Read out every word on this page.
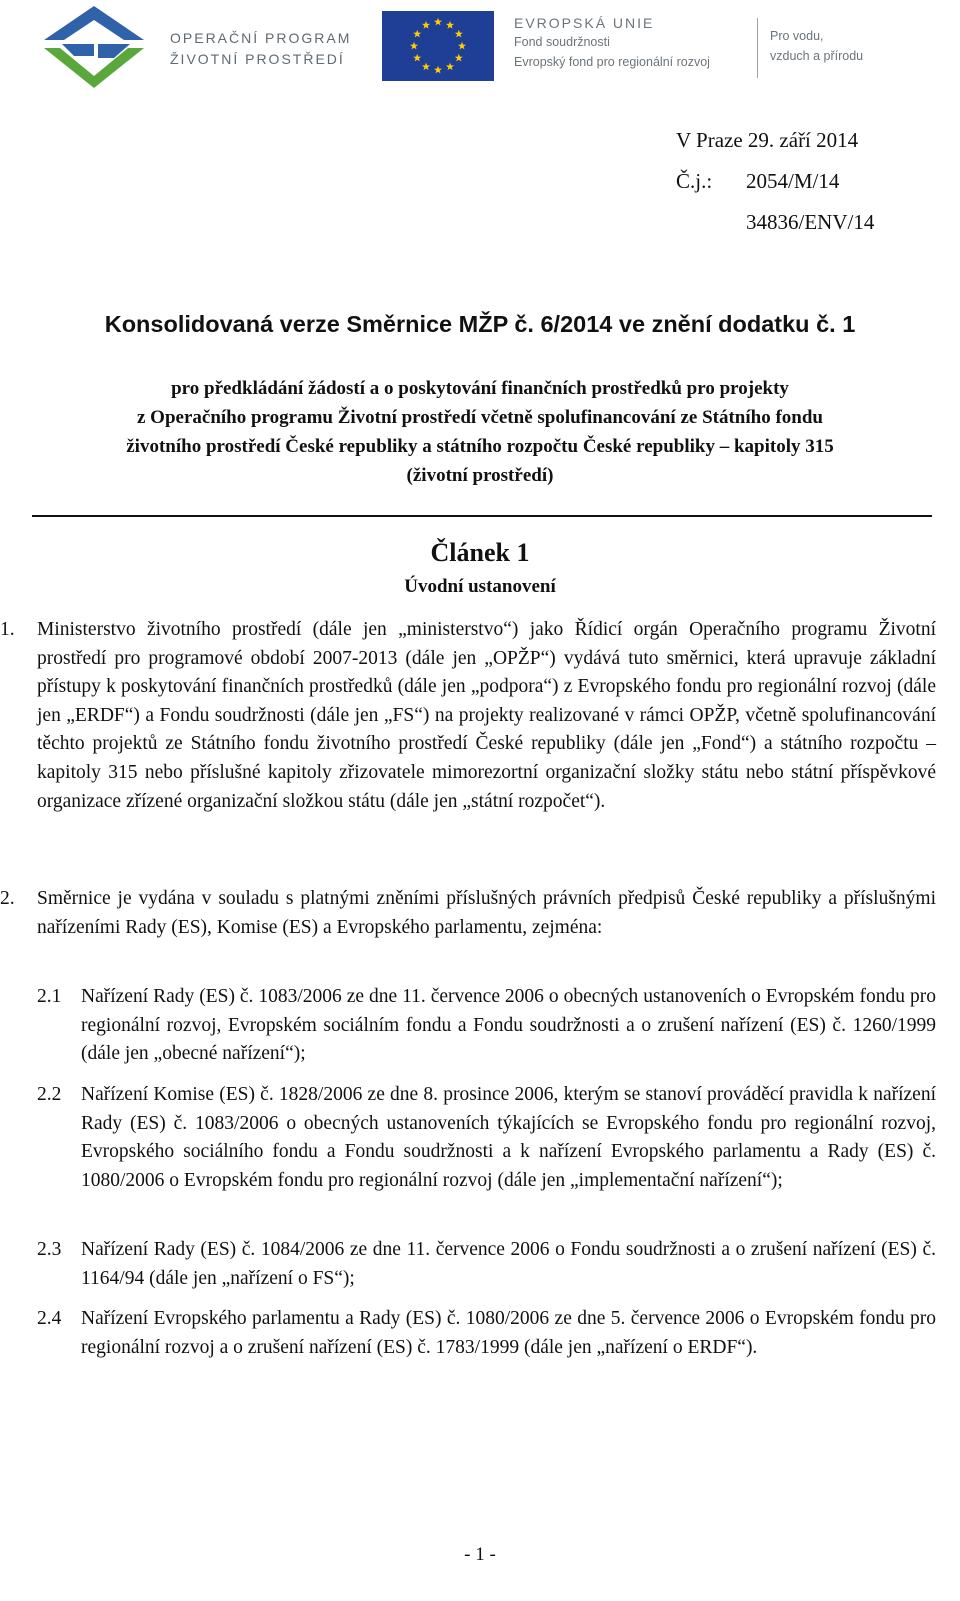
OPERAČNÍ PROGRAM
ŽIVOTNÍ PROSTŘEDÍ
EVROPSKÁ UNIE
Fond soudržnosti
Evropský fond pro regionální rozvoj
Pro vodu,
vzduch a přírodu
V Praze 29. září 2014
Č.j.: 2054/M/14
34836/ENV/14
Konsolidovaná verze Směrnice MŽP č. 6/2014 ve znění dodatku č. 1
pro předkládání žádostí a o poskytování finančních prostředků pro projekty
z Operačního programu Životní prostředí včetně spolufinancování ze Státního fondu
životního prostředí České republiky a státního rozpočtu České republiky – kapitoly 315
(životní prostředí)
Článek 1
Úvodní ustanovení
1. Ministerstvo životního prostředí (dále jen „ministerstvo“) jako Řídicí orgán Operačního programu Životní prostředí pro programové období 2007-2013 (dále jen „OPŽP“) vydává tuto směrnici, která upravuje základní přístupy k poskytování finančních prostředků (dále jen „podpora“) z Evropského fondu pro regionální rozvoj (dále jen „ERDF“) a Fondu soudržnosti (dále jen „FS“) na projekty realizované v rámci OPŽP, včetně spolufinancování těchto projektů ze Státního fondu životního prostředí České republiky (dále jen „Fond“) a státního rozpočtu – kapitoly 315 nebo příslušné kapitoly zřizovatele mimorezortní organizační složky státu nebo státní příspěvkové organizace zřízené organizační složkou státu (dále jen „státní rozpočet“).
2. Směrnice je vydána v souladu s platnými zněními příslušných právních předpisů České republiky a příslušnými nařízeními Rady (ES), Komise (ES) a Evropského parlamentu, zejména:
2.1 Nařízení Rady (ES) č. 1083/2006 ze dne 11. července 2006 o obecných ustanoveních o Evropském fondu pro regionální rozvoj, Evropském sociálním fondu a Fondu soudržnosti a o zrušení nařízení (ES) č. 1260/1999 (dále jen „obecné nařízení“);
2.2 Nařízení Komise (ES) č. 1828/2006 ze dne 8. prosince 2006, kterým se stanoví prováděcí pravidla k nařízení Rady (ES) č. 1083/2006 o obecných ustanoveních týkajících se Evropského fondu pro regionální rozvoj, Evropského sociálního fondu a Fondu soudržnosti a k nařízení Evropského parlamentu a Rady (ES) č. 1080/2006 o Evropském fondu pro regionální rozvoj (dále jen „implementační nařízení“);
2.3 Nařízení Rady (ES) č. 1084/2006 ze dne 11. července 2006 o Fondu soudržnosti a o zrušení nařízení (ES) č. 1164/94 (dále jen „nařízení o FS“);
2.4 Nařízení Evropského parlamentu a Rady (ES) č. 1080/2006 ze dne 5. července 2006 o Evropském fondu pro regionální rozvoj a o zrušení nařízení (ES) č. 1783/1999 (dále jen „nařízení o ERDF“).
- 1 -
